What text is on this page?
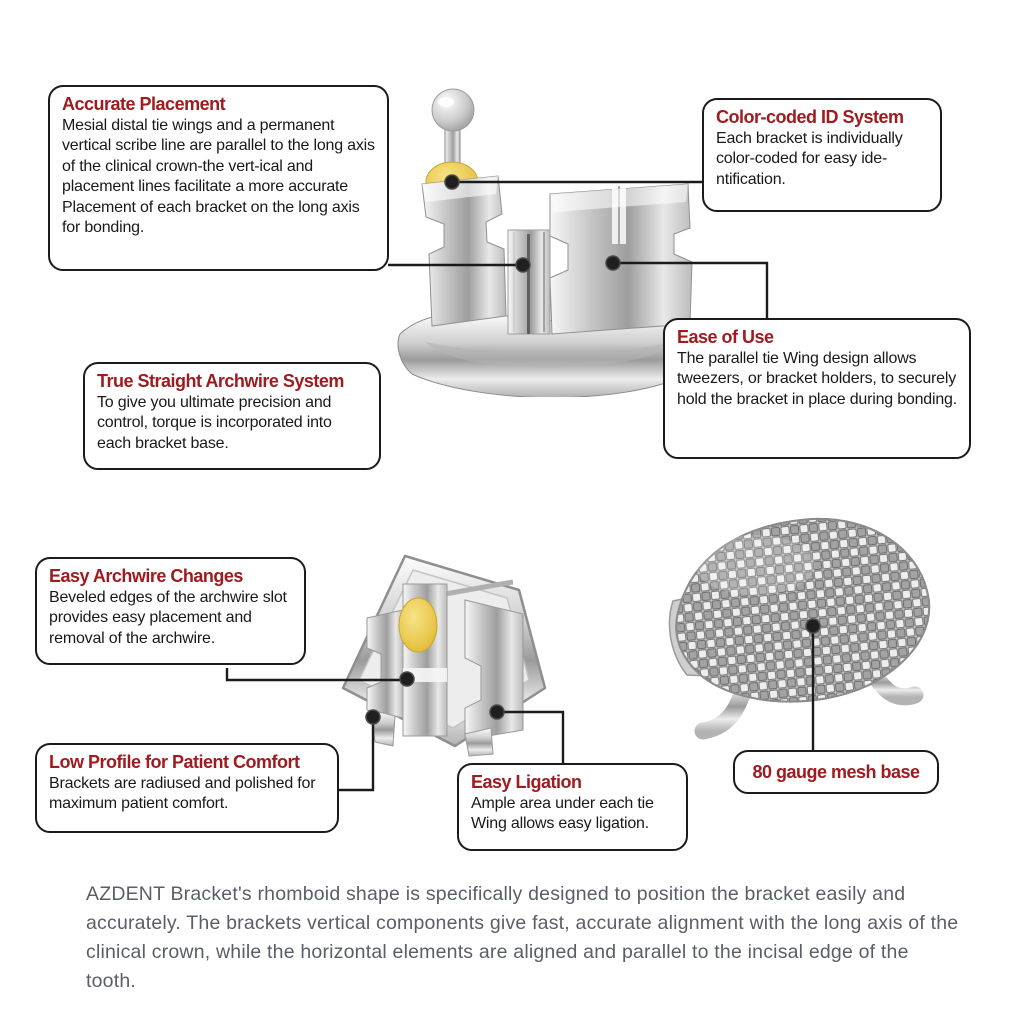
Accurate Placement
Mesial distal tie wings and a permanent vertical scribe line are parallel to the long axis of the clinical crown-the vert-ical and placement lines facilitate a more accurate Placement of each bracket on the long axis for bonding.
Color-coded ID System
Each bracket is individually color-coded for easy ide-ntification.
Ease of Use
The parallel tie Wing design allows tweezers, or bracket holders, to securely hold the bracket in place during bonding.
True Straight Archwire System
To give you ultimate precision and control, torque is incorporated into each bracket base.
Easy Archwire Changes
Beveled edges of the archwire slot provides easy placement and removal of the archwire.
Low Profile for Patient Comfort
Brackets are radiused and polished for maximum patient comfort.
Easy Ligation
Ample area under each tie Wing allows easy ligation.
80 gauge mesh base
AZDENT Bracket's rhomboid shape is specifically designed to position the bracket easily and accurately. The brackets vertical components give fast, accurate alignment with the long axis of the clinical crown, while the horizontal elements are aligned and parallel to the incisal edge of the tooth.
